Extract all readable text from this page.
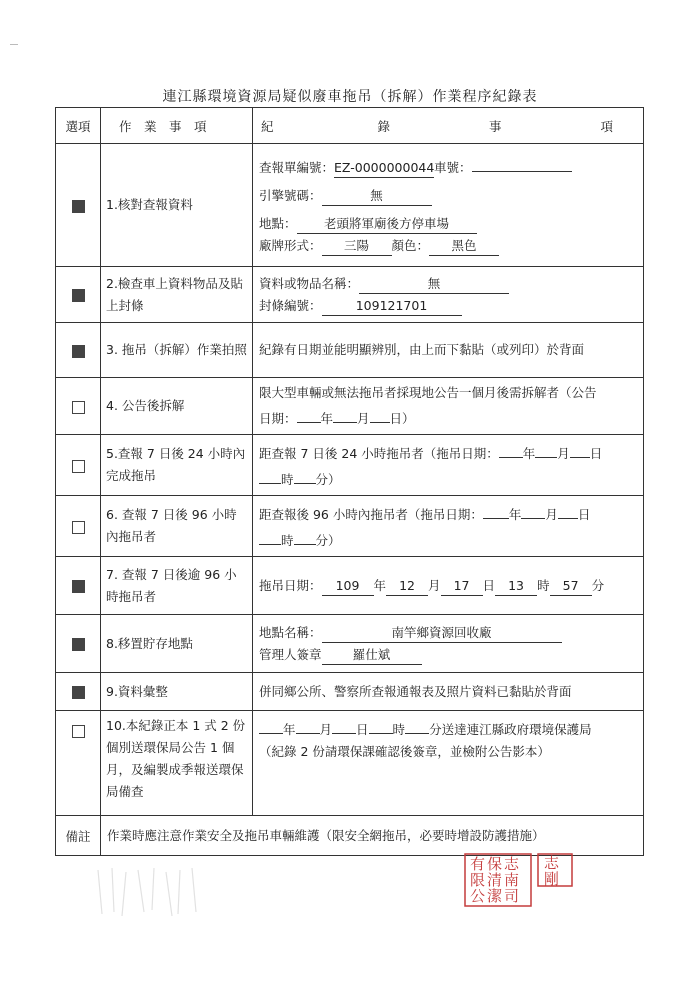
連江縣環境資源局疑似廢車拖吊（拆解）作業程序紀錄表
選項	作　業　事　項	紀 錄 事 項
	1.核對查報資料	查報單編號：EZ-0000000044車號：
引擎號碼： 無
地點： 老頭將軍廟後方停車場
廠牌形式： 三陽 顏色： 黑色

	2.檢查車上資料物品及貼上封條	資料或物品名稱： 無
封條編號： 109121701

	3. 拖吊（拆解）作業拍照	紀錄有日期並能明顯辨別，由上而下黏貼（或列印）於背面
	4. 公告後拆解	限大型車輛或無法拖吊者採現地公告一個月後需拆解者（公告
日期： 年 月 日）

	5.查報 7 日後 24 小時內完成拖吊	距查報 7 日後 24 小時拖吊者（拖吊日期： 年 月 日
時 分）

	6. 查報 7 日後 96 小時內拖吊者	距查報後 96 小時內拖吊者（拖吊日期： 年 月 日
時 分）

	7. 查報 7 日後逾 96 小時拖吊者	拖吊日期： 109 年 12 月 17 日 13 時 57 分

	8.移置貯存地點	地點名稱： 南竿鄉資源回收廠
管理人簽章 羅仕斌

	9.資料彙整	併同鄉公所、警察所查報通報表及照片資料已黏貼於背面
	10.本紀錄正本 1 式 2 份個別送環保局公告 1 個月，及編製成季報送環保局備查	年 月 日 時 分送達連江縣政府環境保護局
（紀錄 2 份請環保課確認後簽章，並檢附公告影本）

備註	作業時應注意作業安全及拖吊車輛維護（限安全網拖吊，必要時增設防護措施）	
有保志限清南公潔司
志剛
